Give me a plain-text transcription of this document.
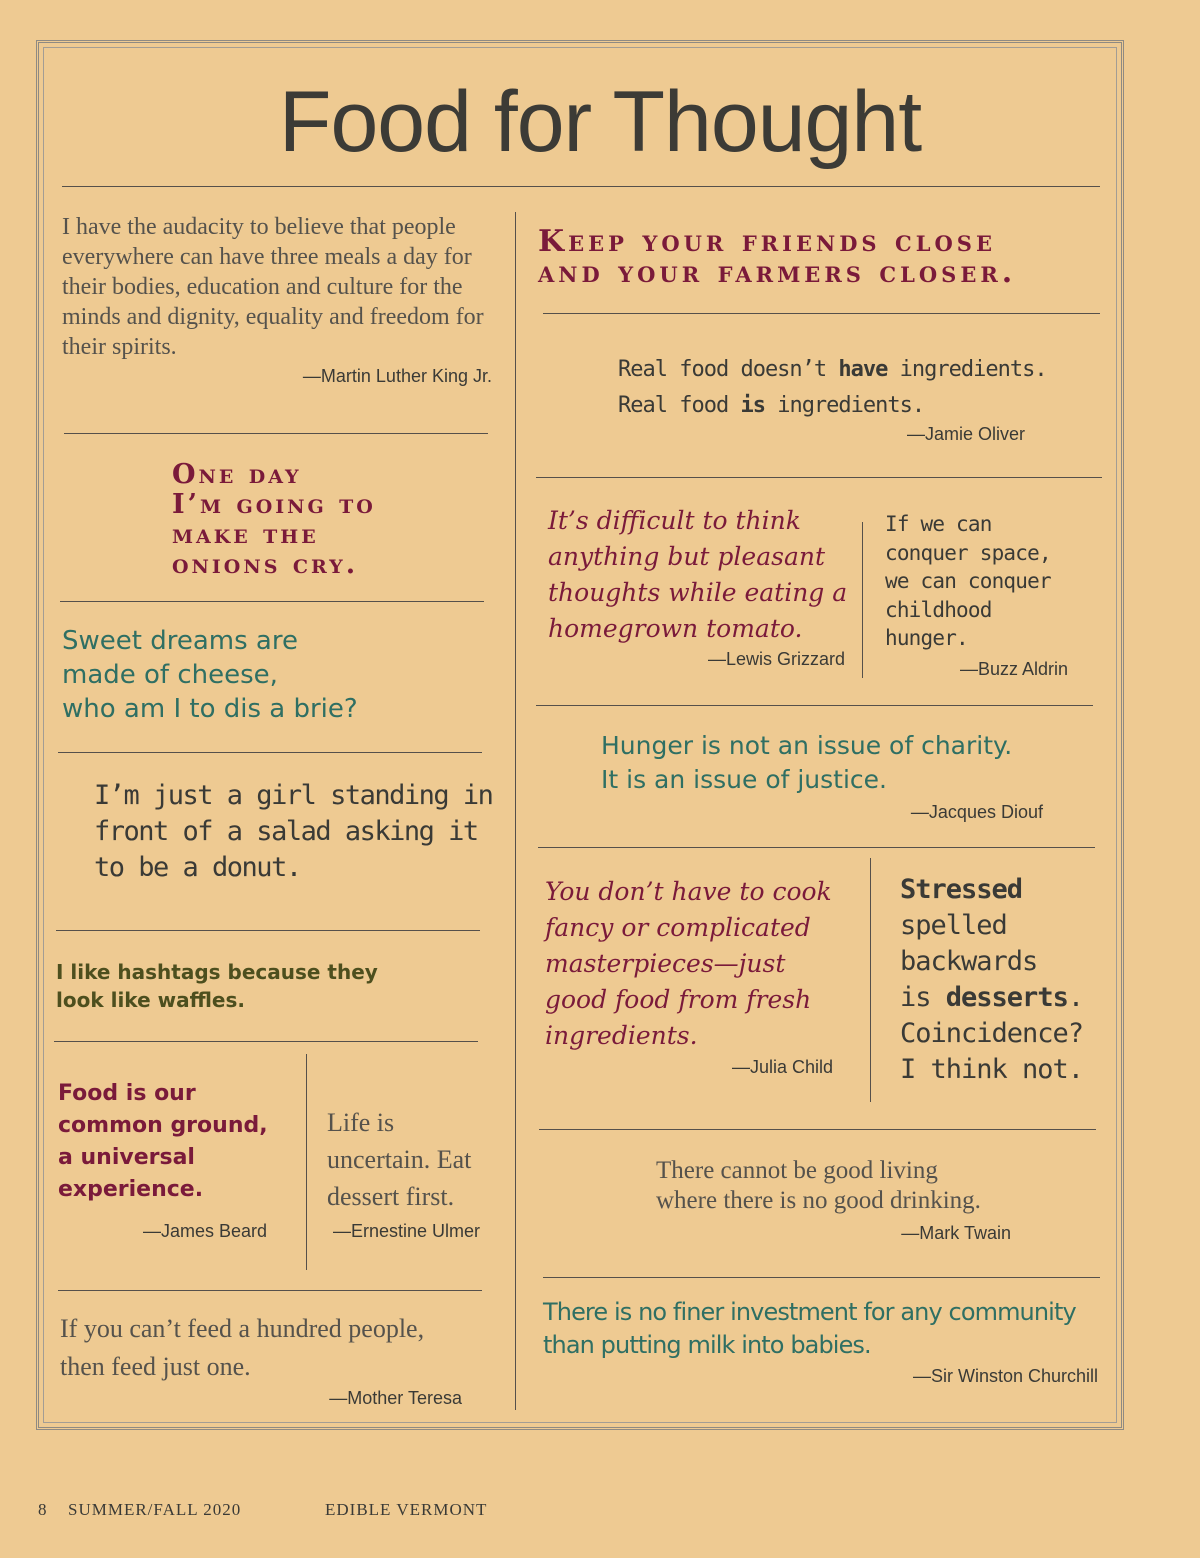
Food for Thought
I have the audacity to believe that people everywhere can have three meals a day for their bodies, education and culture for the minds and dignity, equality and freedom for their spirits.
—Martin Luther King Jr.
One day
I’m going to
make the
onions cry.
Sweet dreams are
made of cheese,
who am I to dis a brie?
I’m just a girl standing in
front of a salad asking it
to be a donut.
I like hashtags because they
look like waffles.
Food is our
common ground,
a universal
experience.
—James Beard
Life is
uncertain. Eat
dessert first.
—Ernestine Ulmer
If you can’t feed a hundred people,
then feed just one.
—Mother Teresa
Keep your friends close
and your farmers closer.
Real food doesn’t have ingredients.
Real food is ingredients.
—Jamie Oliver
It’s difficult to think
anything but pleasant
thoughts while eating a
homegrown tomato.
—Lewis Grizzard
If we can
conquer space,
we can conquer
childhood
hunger.
—Buzz Aldrin
Hunger is not an issue of charity.
It is an issue of justice.
—Jacques Diouf
You don’t have to cook
fancy or complicated
masterpieces—just
good food from fresh
ingredients.
—Julia Child
Stressed
spelled
backwards
is desserts.
Coincidence?
I think not.
There cannot be good living
where there is no good drinking.
—Mark Twain
There is no finer investment for any community
than putting milk into babies.
—Sir Winston Churchill
8 SUMMER/FALL 2020	EDIBLE VERMONT
